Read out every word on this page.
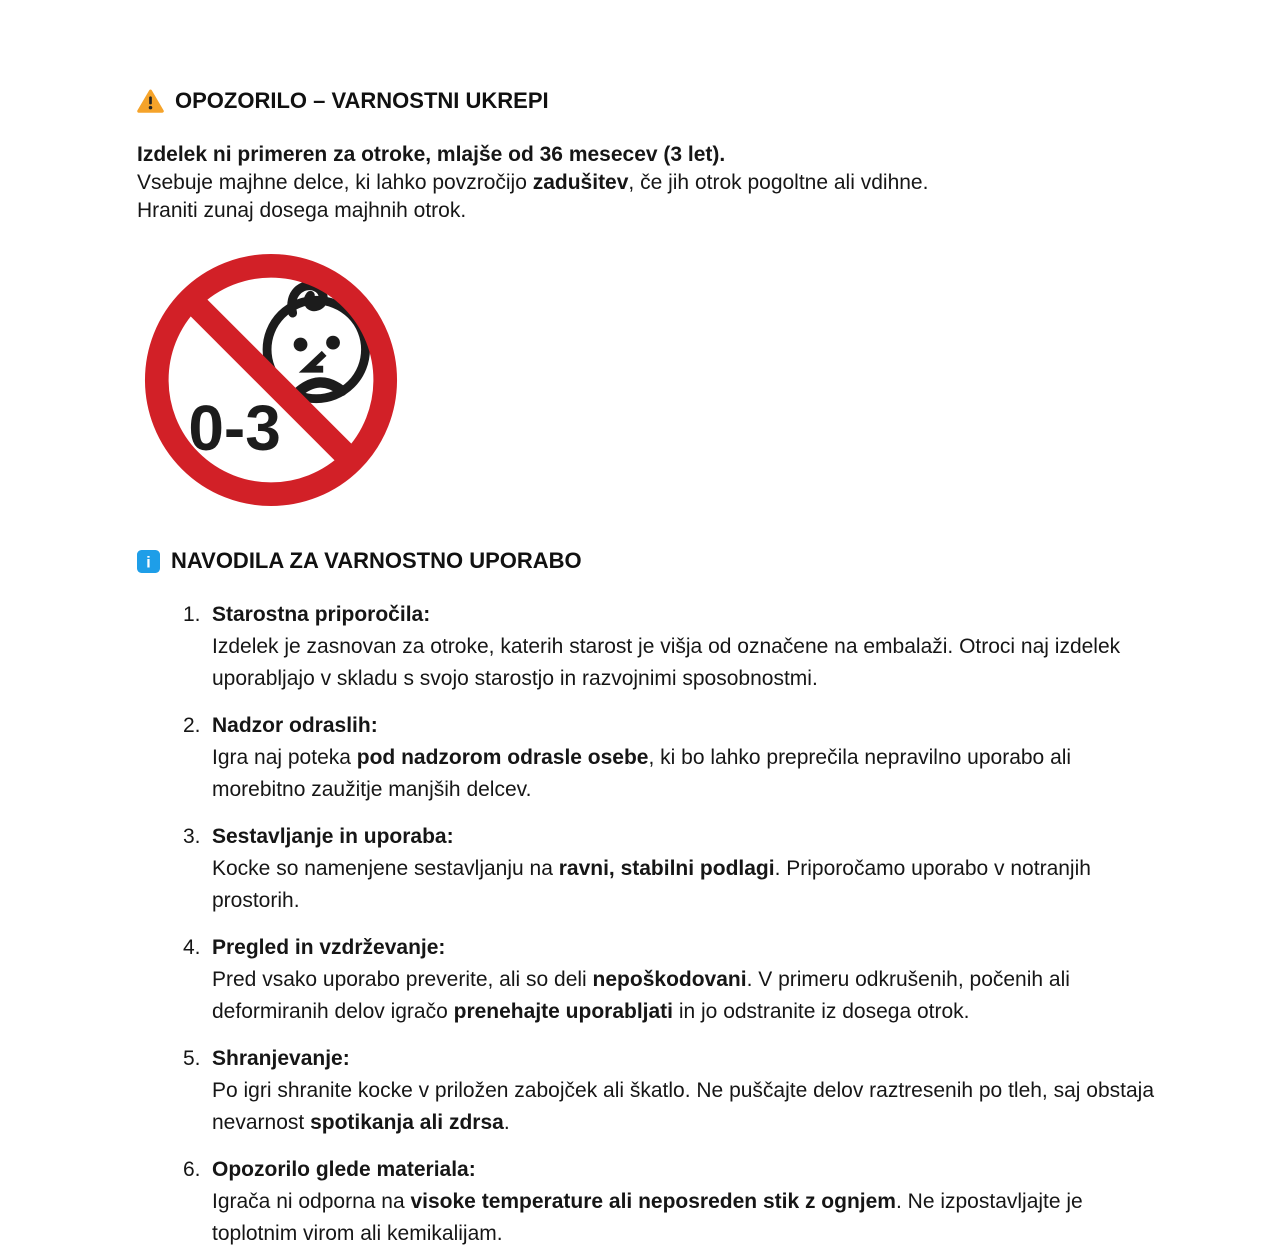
OPOZORILO – VARNOSTNI UKREPI
Izdelek ni primeren za otroke, mlajše od 36 mesecev (3 let).
Vsebuje majhne delce, ki lahko povzročijo zadušitev, če jih otrok pogoltne ali vdihne.
Hraniti zunaj dosega majhnih otrok.
0-3
i NAVODILA ZA VARNOSTNO UPORABO
1. Starostna priporočila:
Izdelek je zasnovan za otroke, katerih starost je višja od označene na embalaži. Otroci naj izdelek uporabljajo v skladu s svojo starostjo in razvojnimi sposobnostmi.
2. Nadzor odraslih:
Igra naj poteka pod nadzorom odrasle osebe, ki bo lahko preprečila nepravilno uporabo ali morebitno zaužitje manjših delcev.
3. Sestavljanje in uporaba:
Kocke so namenjene sestavljanju na ravni, stabilni podlagi. Priporočamo uporabo v notranjih prostorih.
4. Pregled in vzdrževanje:
Pred vsako uporabo preverite, ali so deli nepoškodovani. V primeru odkrušenih, počenih ali deformiranih delov igračo prenehajte uporabljati in jo odstranite iz dosega otrok.
5. Shranjevanje:
Po igri shranite kocke v priložen zabojček ali škatlo. Ne puščajte delov raztresenih po tleh, saj obstaja nevarnost spotikanja ali zdrsa.
6. Opozorilo glede materiala:
Igrača ni odporna na visoke temperature ali neposreden stik z ognjem. Ne izpostavljajte je toplotnim virom ali kemikalijam.
